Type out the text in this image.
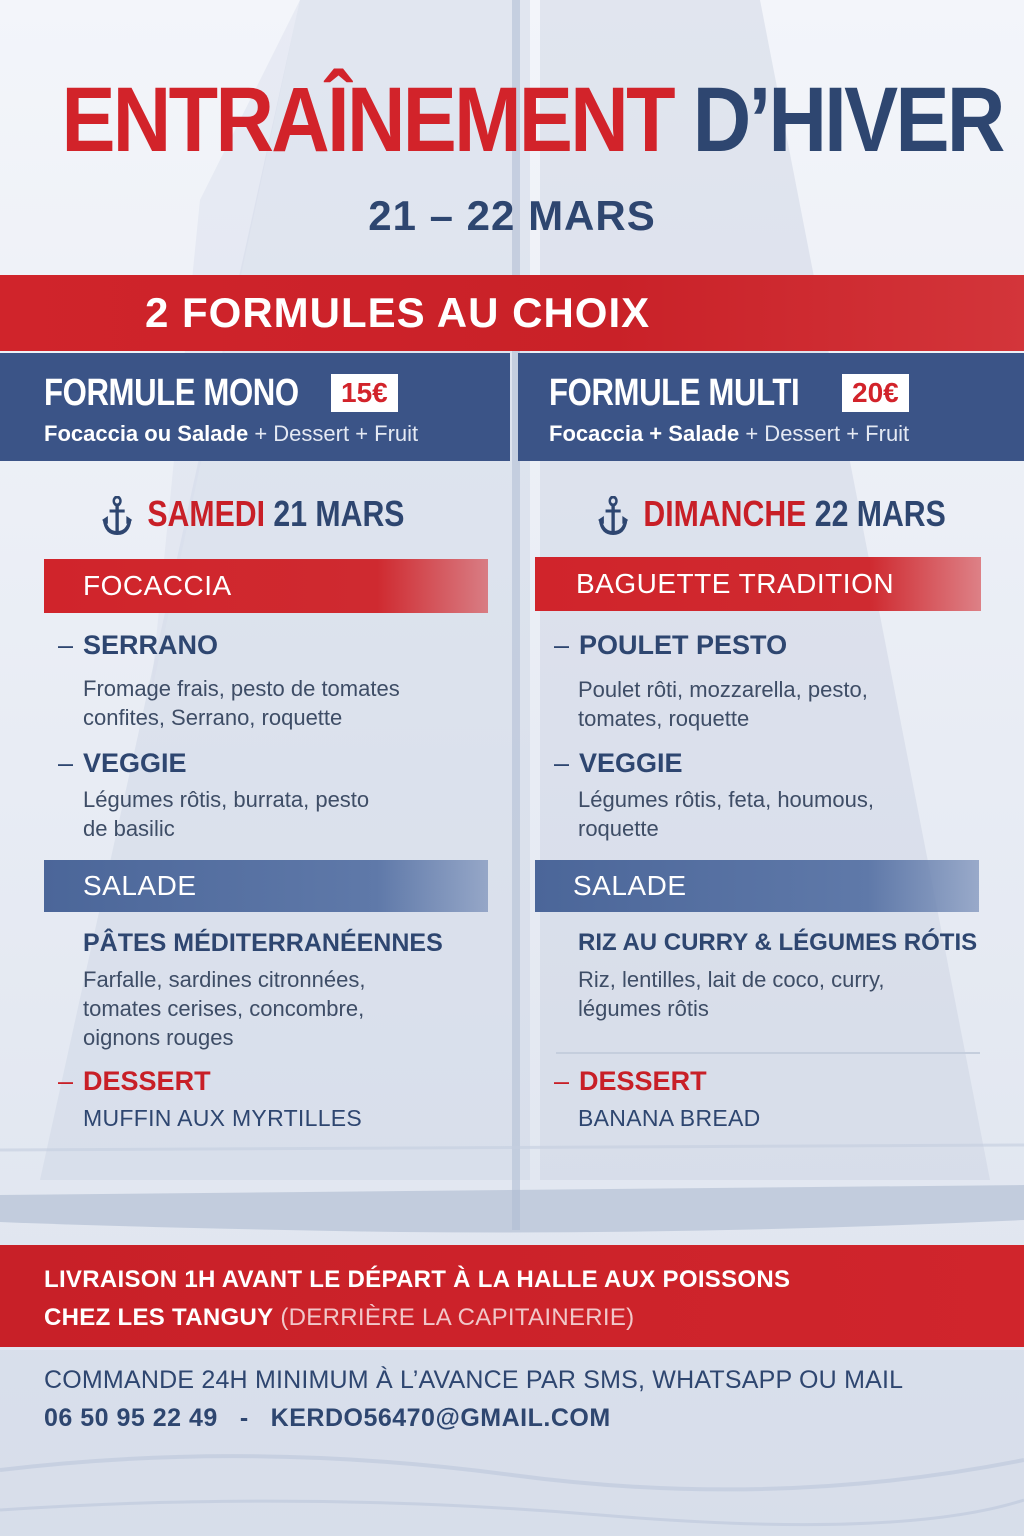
ENTRAÎNEMENT D’HIVER
21 – 22 MARS
2 FORMULES AU CHOIX
FORMULE MONO	15€
Focaccia ou Salade + Dessert + Fruit
FORMULE MULTI	20€
Focaccia + Salade + Dessert + Fruit
SAMEDI 21 MARS
FOCACCIA
– SERRANO
Fromage frais, pesto de tomates confites, Serrano, roquette
– VEGGIE
Légumes rôtis, burrata, pesto de basilic
SALADE
PÂTES MÉDITERRANÉENNES
Farfalle, sardines citronnées, tomates cerises, concombre, oignons rouges
– DESSERT
MUFFIN AUX MYRTILLES
DIMANCHE 22 MARS
BAGUETTE TRADITION
– POULET PESTO
Poulet rôti, mozzarella, pesto, tomates, roquette
– VEGGIE
Légumes rôtis, feta, houmous, roquette
SALADE
RIZ AU CURRY & LÉGUMES RÓTIS
Riz, lentilles, lait de coco, curry, légumes rôtis
– DESSERT
BANANA BREAD
LIVRAISON 1H AVANT LE DÉPART À LA HALLE AUX POISSONS
CHEZ LES TANGUY (DERRIÈRE LA CAPITAINERIE)
COMMANDE 24H MINIMUM À L’AVANCE PAR SMS, WHATSAPP OU MAIL
06 50 95 22 49 - KERDO56470@GMAIL.COM
